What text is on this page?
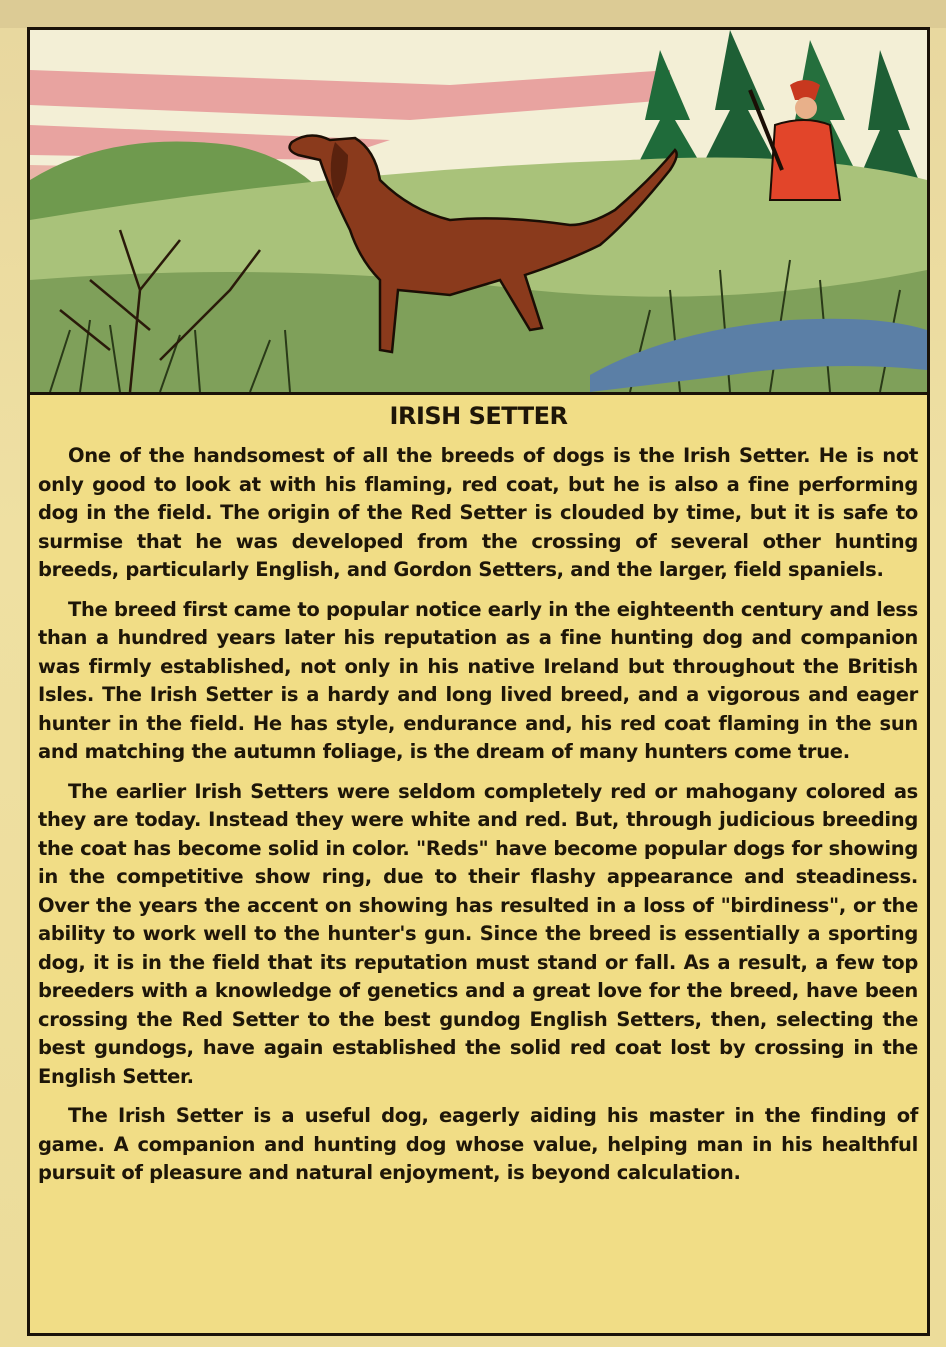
IRISH SETTER

One of the handsomest of all the breeds of dogs is the Irish Setter. He is not only good to look at with his flaming, red coat, but he is also a fine performing dog in the field. The origin of the Red Setter is clouded by time, but it is safe to surmise that he was developed from the crossing of several other hunting breeds, particularly English, and Gordon Setters, and the larger, field spaniels.

The breed first came to popular notice early in the eighteenth century and less than a hundred years later his reputation as a fine hunting dog and companion was firmly established, not only in his native Ireland but throughout the British Isles. The Irish Setter is a hardy and long lived breed, and a vigorous and eager hunter in the field. He has style, endurance and, his red coat flaming in the sun and matching the autumn foliage, is the dream of many hunters come true.

The earlier Irish Setters were seldom completely red or mahogany colored as they are today. Instead they were white and red. But, through judicious breeding the coat has become solid in color. "Reds" have become popular dogs for showing in the competitive show ring, due to their flashy appearance and steadiness. Over the years the accent on showing has resulted in a loss of "birdiness", or the ability to work well to the hunter's gun. Since the breed is essentially a sporting dog, it is in the field that its reputation must stand or fall. As a result, a few top breeders with a knowledge of genetics and a great love for the breed, have been crossing the Red Setter to the best gundog English Setters, then, selecting the best gundogs, have again established the solid red coat lost by crossing in the English Setter.

The Irish Setter is a useful dog, eagerly aiding his master in the finding of game. A companion and hunting dog whose value, helping man in his healthful pursuit of pleasure and natural enjoyment, is beyond calculation.
